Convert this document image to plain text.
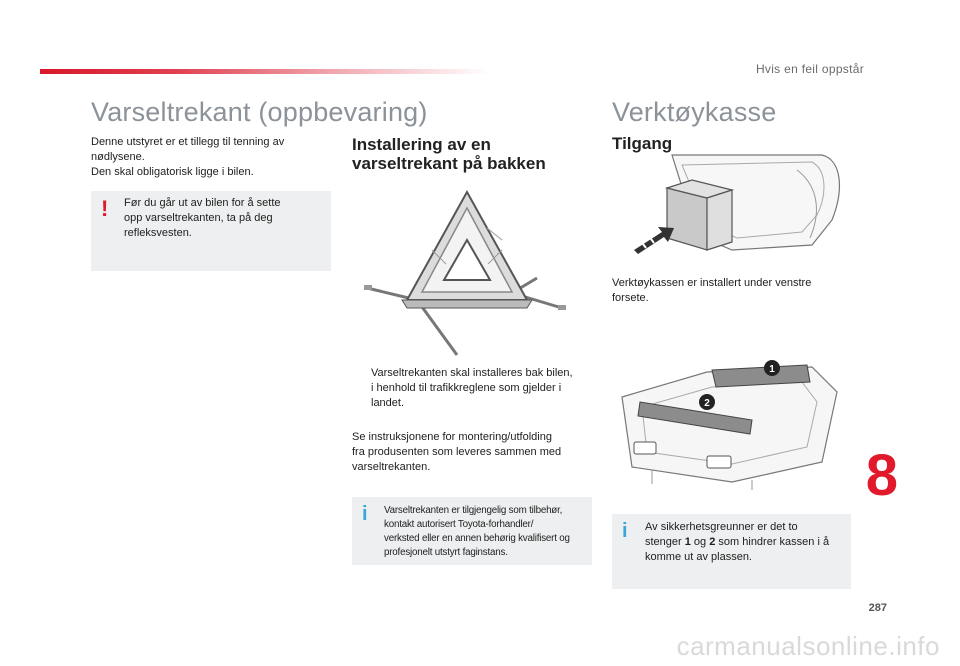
Hvis en feil oppstår
Varseltrekant (oppbevaring)
Denne utstyret er et tillegg til tenning av
nødlysene.
Den skal obligatorisk ligge i bilen.
! Før du går ut av bilen for å sette
opp varseltrekanten, ta på deg
refleksvesten.
Installering av en
varseltrekant på bakken
Varseltrekanten skal installeres bak bilen,
i henhold til trafikkreglene som gjelder i
landet.
Se instruksjonene for montering/utfolding
fra produsenten som leveres sammen med
varseltrekanten.
i Varseltrekanten er tilgjengelig som tilbehør,
kontakt autorisert Toyota-forhandler/
verksted eller en annen behørig kvalifisert og
profesjonelt utstyrt faginstans.
Verktøykasse
Tilgang
Verktøykassen er installert under venstre
forsete.
1
2
i Av sikkerhetsgreunner er det to
stenger 1 og 2 som hindrer kassen i å
komme ut av plassen.
8
287
carmanualsonline.info
